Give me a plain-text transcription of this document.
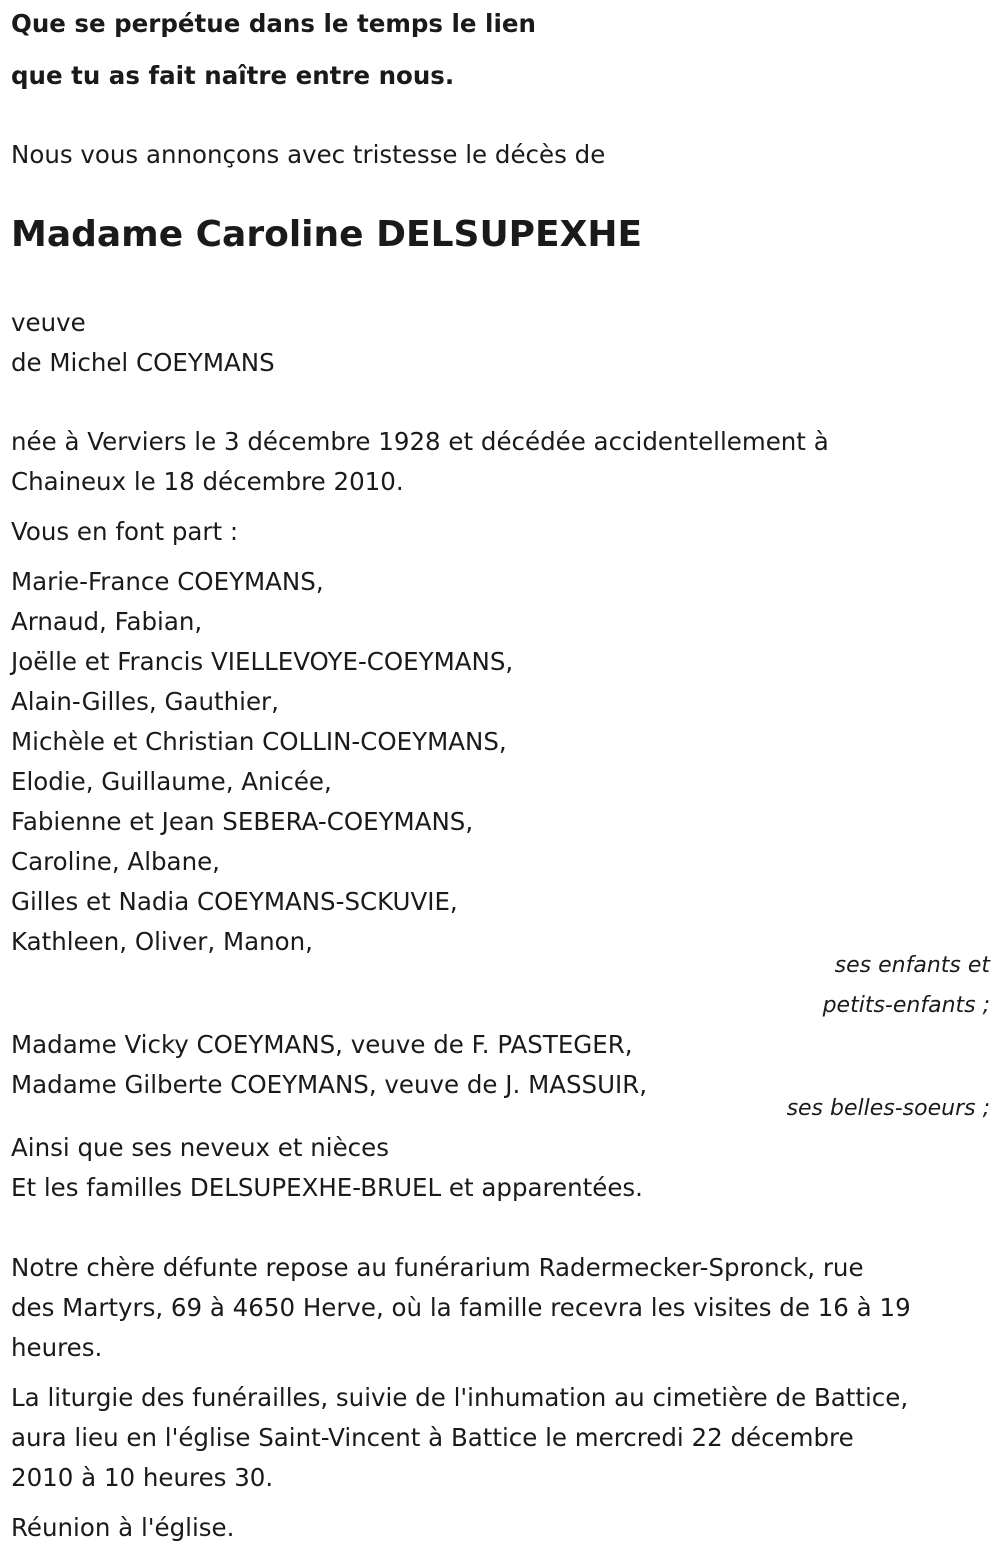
Que se perpétue dans le temps le lien
que tu as fait naître entre nous.
Nous vous annonçons avec tristesse le décès de
Madame Caroline DELSUPEXHE
veuve
de Michel COEYMANS
née à Verviers le 3 décembre 1928 et décédée accidentellement à
Chaineux le 18 décembre 2010.
Vous en font part :
Marie-France COEYMANS,
Arnaud, Fabian,
Joëlle et Francis VIELLEVOYE-COEYMANS,
Alain-Gilles, Gauthier,
Michèle et Christian COLLIN-COEYMANS,
Elodie, Guillaume, Anicée,
Fabienne et Jean SEBERA-COEYMANS,
Caroline, Albane,
Gilles et Nadia COEYMANS-SCKUVIE,
Kathleen, Oliver, Manon,
ses enfants et
petits-enfants ;
Madame Vicky COEYMANS, veuve de F. PASTEGER,
Madame Gilberte COEYMANS, veuve de J. MASSUIR,
ses belles-soeurs ;
Ainsi que ses neveux et nièces
Et les familles DELSUPEXHE-BRUEL et apparentées.
Notre chère défunte repose au funérarium Radermecker-Spronck, rue
des Martyrs, 69 à 4650 Herve, où la famille recevra les visites de 16 à 19
heures.
La liturgie des funérailles, suivie de l'inhumation au cimetière de Battice,
aura lieu en l'église Saint-Vincent à Battice le mercredi 22 décembre
2010 à 10 heures 30.
Réunion à l'église.
